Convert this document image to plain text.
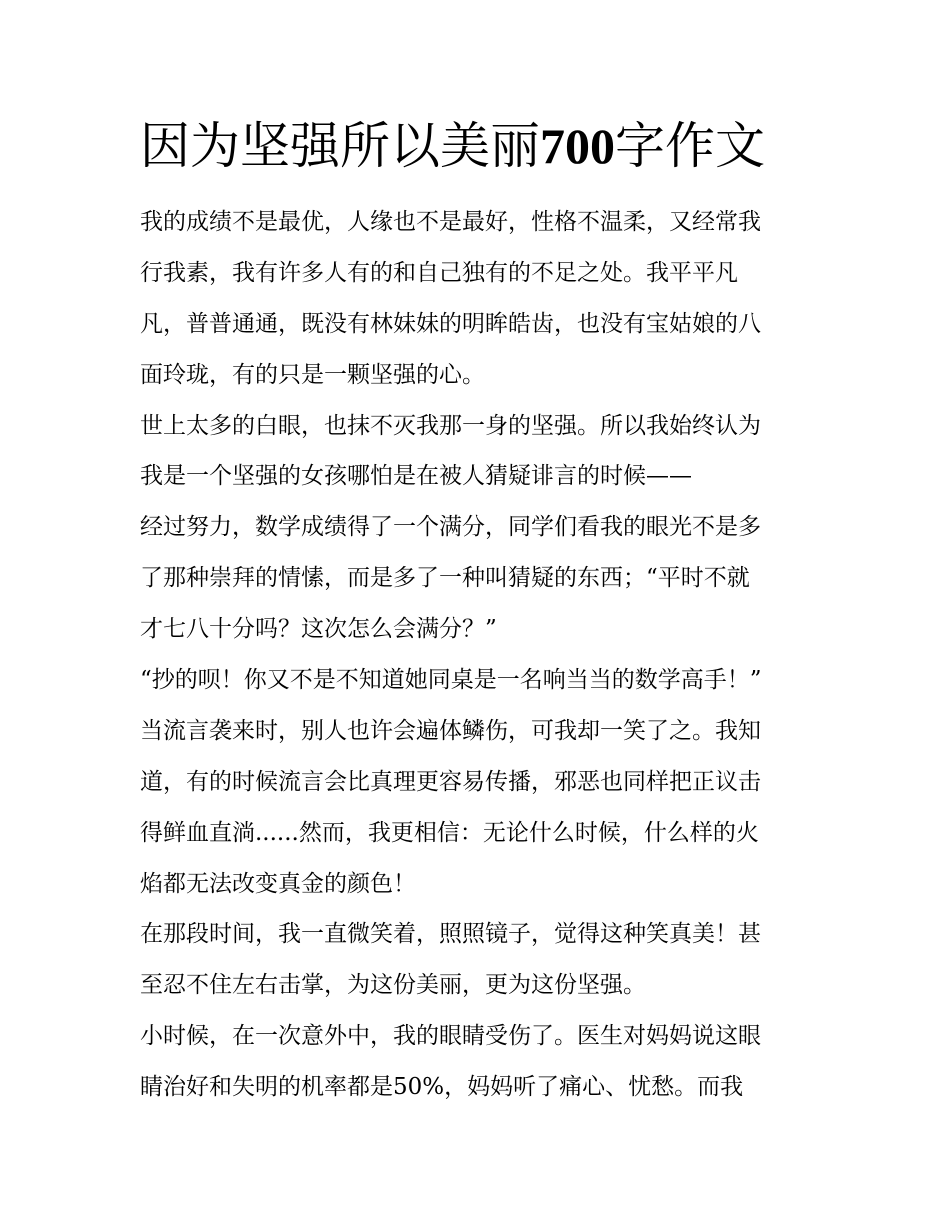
因为坚强所以美丽700字作文
我的成绩不是最优，人缘也不是最好，性格不温柔，又经常我
行我素，我有许多人有的和自己独有的不足之处。我平平凡
凡，普普通通，既没有林妹妹的明眸皓齿，也没有宝姑娘的八
面玲珑，有的只是一颗坚强的心。
世上太多的白眼，也抹不灭我那一身的坚强。所以我始终认为
我是一个坚强的女孩哪怕是在被人猜疑诽言的时候——
经过努力，数学成绩得了一个满分，同学们看我的眼光不是多
了那种崇拜的情愫，而是多了一种叫猜疑的东西；“平时不就
才七八十分吗？这次怎么会满分？”
“抄的呗！你又不是不知道她同桌是一名响当当的数学高手！”
当流言袭来时，别人也许会遍体鳞伤，可我却一笑了之。我知
道，有的时候流言会比真理更容易传播，邪恶也同样把正议击
得鲜血直淌......然而，我更相信：无论什么时候，什么样的火
焰都无法改变真金的颜色！
在那段时间，我一直微笑着，照照镜子，觉得这种笑真美！甚
至忍不住左右击掌，为这份美丽，更为这份坚强。
小时候，在一次意外中，我的眼睛受伤了。医生对妈妈说这眼
睛治好和失明的机率都是50%，妈妈听了痛心、忧愁。而我
